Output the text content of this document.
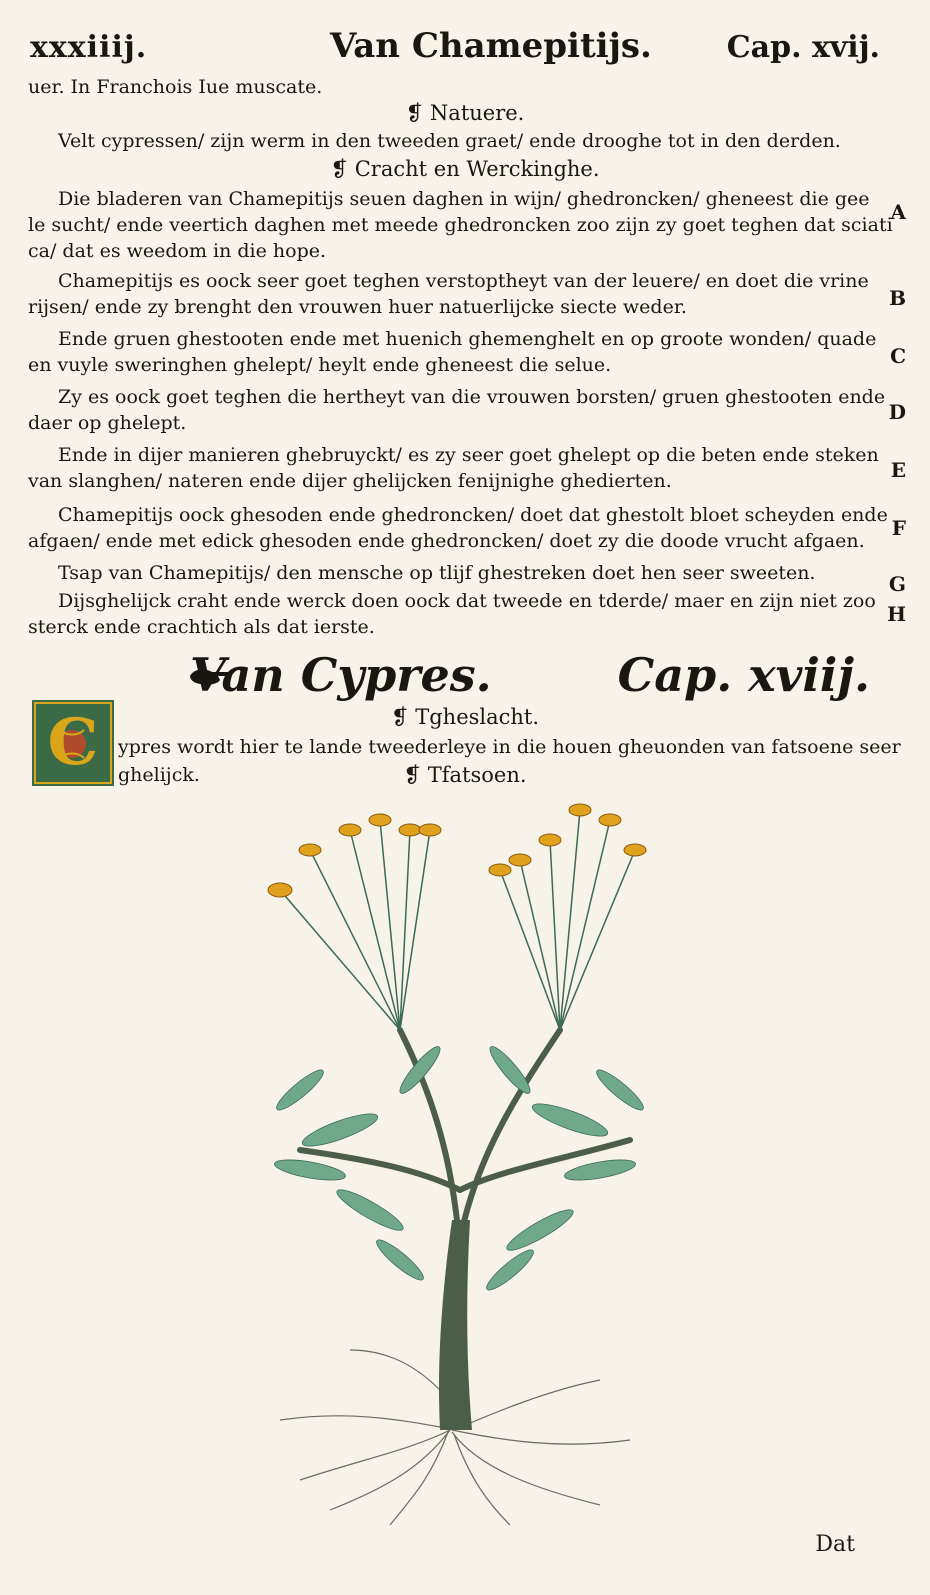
xxxiiij.	Van Chamepitijs. Cap. xvij.
uer. In Franchois Iue muscate.
❡ Natuere.
Velt cypressen/ zijn werm in den tweeden graet/ ende drooghe tot in den derden.
❡ Cracht en Werckinghe.
Die bladeren van Chamepitijs seuen daghen in wijn/ ghedroncken/ gheneest die gee
le sucht/ ende veertich daghen met meede ghedroncken zoo zijn zy goet teghen dat sciati
ca/ dat es weedom in die hope.
Chamepitijs es oock seer goet teghen verstoptheyt van der leuere/ en doet die vrine
rijsen/ ende zy brenght den vrouwen huer natuerlijcke siecte weder.
Ende gruen ghestooten ende met huenich ghemenghelt en op groote wonden/ quade
en vuyle sweringhen ghelept/ heylt ende gheneest die selue.
Zy es oock goet teghen die hertheyt van die vrouwen borsten/ gruen ghestooten ende
daer op ghelept.
Ende in dijer manieren ghebruyckt/ es zy seer goet ghelept op die beten ende steken
van slanghen/ nateren ende dijer ghelijcken fenijnighe ghedierten.
Chamepitijs oock ghesoden ende ghedroncken/ doet dat ghestolt bloet scheyden ende
afgaen/ ende met edick ghesoden ende ghedroncken/ doet zy die doode vrucht afgaen.
Tsap van Chamepitijs/ den mensche op tlijf ghestreken doet hen seer sweeten.
Dijsghelijck craht ende werck doen oock dat tweede en tderde/ maer en zijn niet zoo
sterck ende crachtich als dat ierste.
A
B
C
D
E
F
G
H
Van Cypres.	Cap. xviij.
❡ Tgheslacht.
C ypres wordt hier te lande tweederleye in die houen gheuonden van fatsoene seer
ghelijck.	❡ Tfatsoen.
Dat
